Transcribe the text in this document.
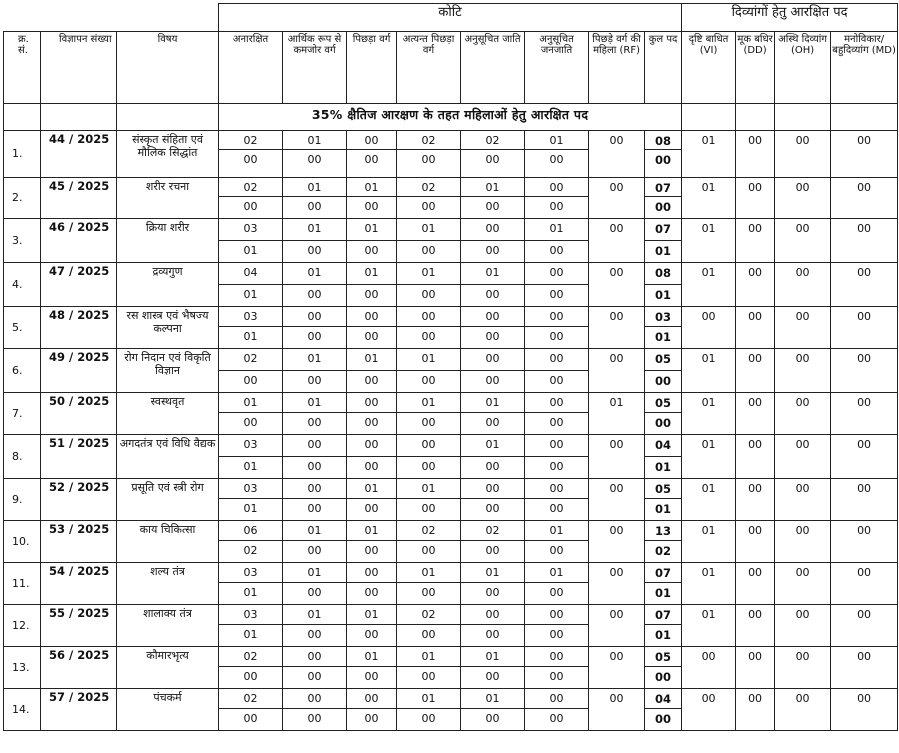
			कोटि								दिव्यांगों हेतु आरक्षित पद			
क्र. सं.	विज्ञापन संख्या	विषय	अनारक्षित	आर्थिक रूप से कमजोर वर्ग	पिछड़ा वर्ग	अत्यन्त पिछड़ा वर्ग	अनुसूचित जाति	अनुसूचित जनजाति	पिछड़े वर्ग की महिला (RF)	कुल पद	दृष्टि बाधित (VI)	मूक बधिर (DD)	अस्थि दिव्यांग (OH)	मनोविकार/ बहुदिव्यांग (MD)
			35% क्षैतिज आरक्षण के तहत महिलाओं हेतु आरक्षित पद											
1.	44 / 2025	संस्कृत संहिता एवं मौलिक सिद्धांत	02	01	00	02	02	01	00	08	01	00	00	00
			00	00	00	00	00	00		00				
2.	45 / 2025	शरीर रचना	02	01	01	02	01	00	00	07	01	00	00	00
			00	00	00	00	00	00		00				
3.	46 / 2025	क्रिया शरीर	03	01	01	01	00	01	00	07	01	00	00	00
			01	00	00	00	00	00		01				
4.	47 / 2025	द्रव्यगुण	04	01	01	01	01	00	00	08	01	00	00	00
			01	00	00	00	00	00		01				
5.	48 / 2025	रस शास्त्र एवं भैषज्य कल्पना	03	00	00	00	00	00	00	03	00	00	00	00
			01	00	00	00	00	00		01				
6.	49 / 2025	रोग निदान एवं विकृति विज्ञान	02	01	01	01	00	00	00	05	01	00	00	00
			00	00	00	00	00	00		00				
7.	50 / 2025	स्वस्थवृत	01	01	00	01	01	00	01	05	01	00	00	00
			00	00	00	00	00	00		00				
8.	51 / 2025	अगदतंत्र एवं विधि वैद्यक	03	00	00	00	01	00	00	04	01	00	00	00
			01	00	00	00	00	00		01				
9.	52 / 2025	प्रसूति एवं स्त्री रोग	03	00	01	01	00	00	00	05	01	00	00	00
			01	00	00	00	00	00		01				
10.	53 / 2025	काय चिकित्सा	06	01	01	02	02	01	00	13	01	00	00	00
			02	00	00	00	00	00		02				
11.	54 / 2025	शल्य तंत्र	03	01	00	01	01	01	00	07	01	00	00	00
			01	00	00	00	00	00		01				
12.	55 / 2025	शालाक्य तंत्र	03	01	01	02	00	00	00	07	01	00	00	00
			01	00	00	00	00	00		01				
13.	56 / 2025	कौमारभृत्य	02	00	01	01	01	00	00	05	00	00	00	00
			00	00	00	00	00	00		00				
14.	57 / 2025	पंचकर्म	02	00	00	01	01	00	00	04	00	00	00	00
			00	00	00	00	00	00		00				
